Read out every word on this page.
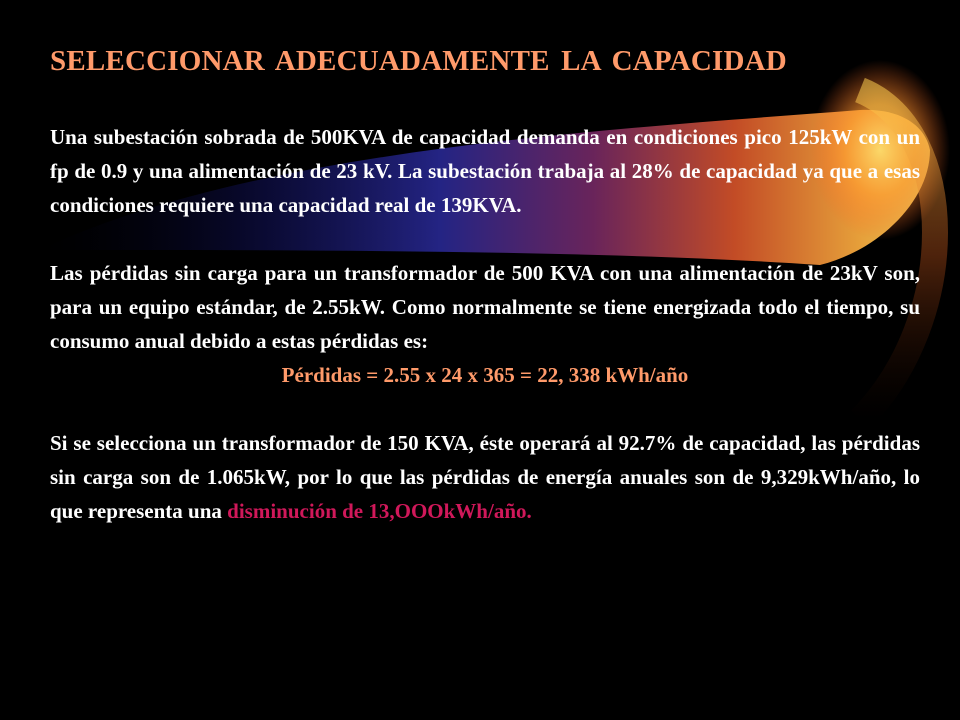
SELECCIONAR ADECUADAMENTE LA CAPACIDAD

Una subestación sobrada de 500KVA de capacidad demanda en condiciones pico 125kW con un fp de 0.9 y una alimentación de 23 kV. La subestación trabaja al 28% de capacidad ya que a esas condiciones requiere una capacidad real de 139KVA.

Las pérdidas sin carga para un transformador de 500 KVA con una alimentación de 23kV son, para un equipo estándar, de 2.55kW. Como normalmente se tiene energizada todo el tiempo, su consumo anual debido a estas pérdidas es:

Pérdidas = 2.55 x 24 x 365 = 22, 338 kWh/año

Si se selecciona un transformador de 150 KVA, éste operará al 92.7% de capacidad, las pérdidas sin carga son de 1.065kW, por lo que las pérdidas de energía anuales son de 9,329kWh/año, lo que representa una disminución de 13,OOOkWh/año.
